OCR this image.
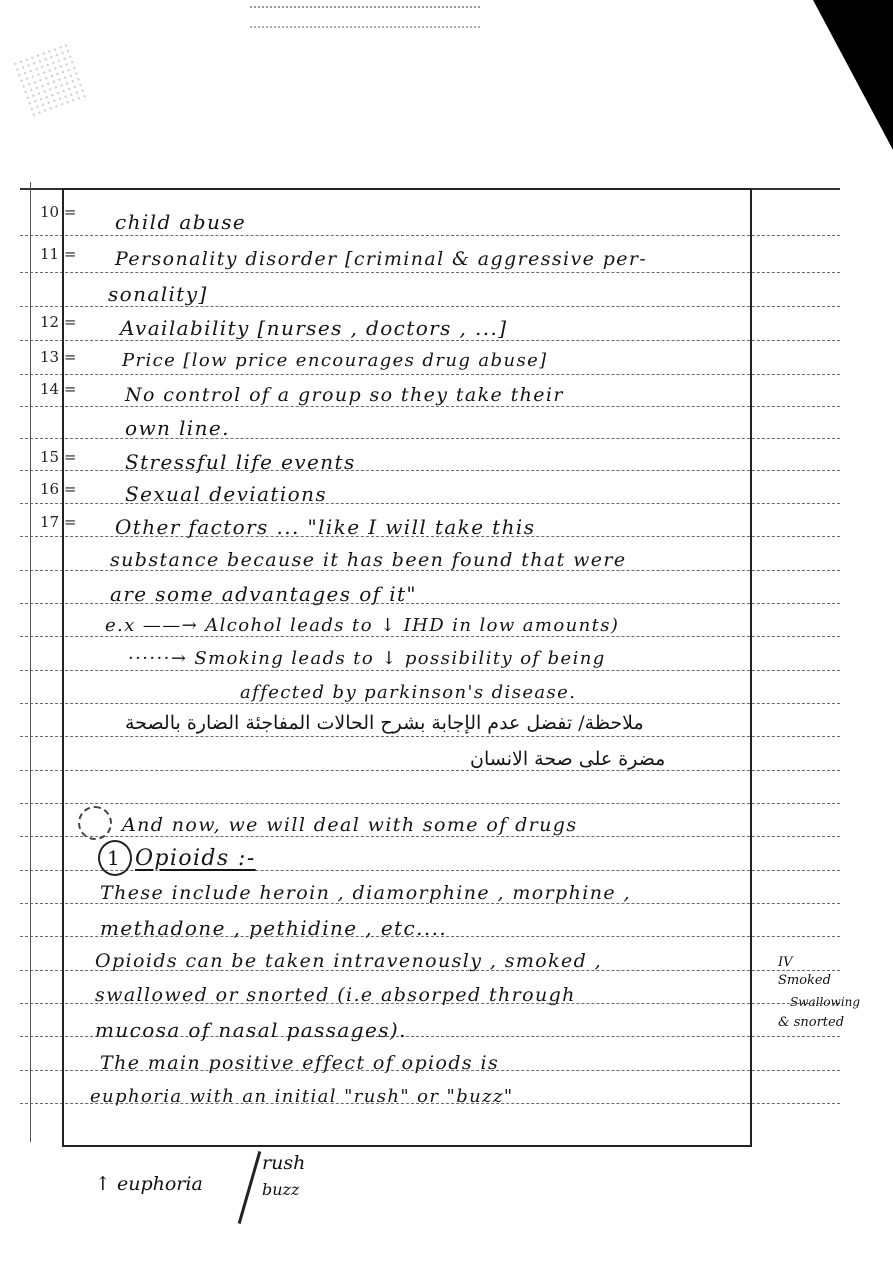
10 = child abuse
11 = Personality disorder [criminal & aggressive per-
sonality]
12 = Availability [nurses , doctors , ...]
13 =	Price [low price encourages drug abuse]
14 =	No control of a group so they take their
own line.
15 = Stressful life events
16 = Sexual deviations
17 = Other factors ... "like I will take this
substance because it has been found that were
are some advantages of it"
e.x ——→ Alcohol leads to ↓ IHD in low amounts)
······→ Smoking leads to ↓ possibility of being
affected by parkinson's disease.
ملاحظة/ تفضل عدم الإجابة بشرح الحالات المفاجئة الضارة بالصحة
مضرة على صحة الانسان
And now, we will deal with some of drugs
1 Opioids :-
These include heroin , diamorphine , morphine ,
methadone , pethidine , etc....
Opioids can be taken intravenously , smoked ,
swallowed or snorted (i.e absorped through
mucosa of nasal passages).
The main positive effect of opiods is
euphoria with an initial "rush" or "buzz"
IV
Smoked
Swallowing
& snorted
↑ euphoria
rush
buzz
